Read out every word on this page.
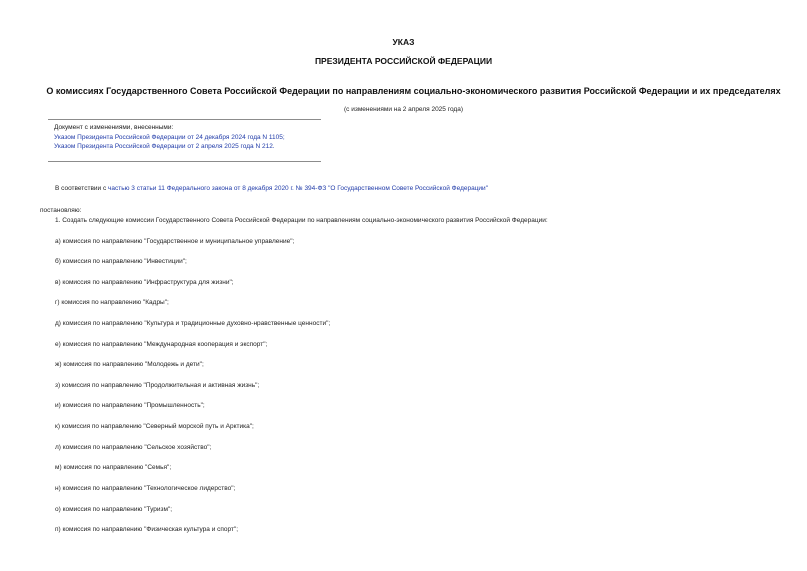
УКАЗ
ПРЕЗИДЕНТА РОССИЙСКОЙ ФЕДЕРАЦИИ
О комиссиях Государственного Совета Российской Федерации по направлениям социально-экономического развития Российской Федерации и их председателях
(с изменениями на 2 апреля 2025 года)
Документ с изменениями, внесенными:
Указом Президента Российской Федерации от 24 декабря 2024 года N 1105;
Указом Президента Российской Федерации от 2 апреля 2025 года N 212.
В соответствии с частью 3 статьи 11 Федерального закона от 8 декабря 2020 г. № 394-ФЗ "О Государственном Совете Российской Федерации"
постановляю:
1. Создать следующие комиссии Государственного Совета Российской Федерации по направлениям социально-экономического развития Российской Федерации:
а) комиссия по направлению "Государственное и муниципальное управление";
б) комиссия по направлению "Инвестиции";
в) комиссия по направлению "Инфраструктура для жизни";
г) комиссия по направлению "Кадры";
д) комиссия по направлению "Культура и традиционные духовно-нравственные ценности";
е) комиссия по направлению "Международная кооперация и экспорт";
ж) комиссия по направлению "Молодежь и дети";
з) комиссия по направлению "Продолжительная и активная жизнь";
и) комиссия по направлению "Промышленность";
к) комиссия по направлению "Северный морской путь и Арктика";
л) комиссия по направлению "Сельское хозяйство";
м) комиссия по направлению "Семья";
н) комиссия по направлению "Технологическое лидерство";
о) комиссия по направлению "Туризм";
п) комиссия по направлению "Физическая культура и спорт";
